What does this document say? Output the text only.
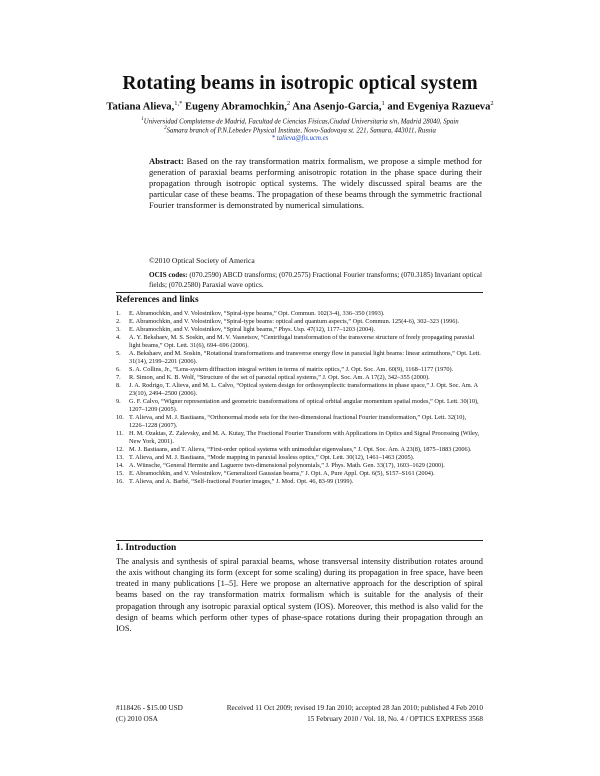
Rotating beams in isotropic optical system
Tatiana Alieva,$^{1,*}$ Eugeny Abramochkin,$^2$ Ana Asenjo-Garcia,$^1$ and Evgeniya Razueva$^2$
$^1$Universidad Complutense de Madrid, Facultad de Ciencias Físicas,Ciudad Universitaria s/n, Madrid 28040, Spain
$^2$Samara branch of P.N.Lebedev Physical Institute, Novo-Sadovaya st. 221, Samara, 443011, Russia
* talieva@fis.ucm.es
Abstract: Based on the ray transformation matrix formalism, we propose a simple method for generation of paraxial beams performing anisotropic rotation in the phase space during their propagation through isotropic optical systems. The widely discussed spiral beams are the particular case of these beams. The propagation of these beams through the symmetric fractional Fourier transformer is demonstrated by numerical simulations.
©2010 Optical Society of America
OCIS codes: (070.2590) ABCD transforms; (070.2575) Fractional Fourier transforms; (070.3185) Invariant optical fields; (070.2580) Paraxial wave optics.
References and links
1.	E. Abramochkin, and V. Volostnikov, “Spiral-type beams,” Opt. Commun. 102(3-4), 336–350 (1993).
2.	E. Abramochkin, and V. Volostnikov, “Spiral-type beams: optical and quantum aspects,” Opt. Commun. 125(4-6), 302–323 (1996).
3.	E. Abramochkin, and V. Volostnikov, “Spiral light beams,” Phys. Usp. 47(12), 1177–1203 (2004).
4.	A. Y. Bekshaev, M. S. Soskin, and M. V. Vasnetsov, “Centrifugal transformation of the transverse structure of freely propagating paraxial light beams,” Opt. Lett. 31(6), 694–696 (2006).
5.	A. Bekshaev, and M. Soskin, “Rotational transformations and transverse energy flow in paraxial light beams: linear azimuthons,” Opt. Lett. 31(14), 2199–2201 (2006).
6.	S. A. Collins, Jr., “Lens-system diffraction integral written in terms of matrix optics,” J. Opt. Soc. Am. 60(9), 1168–1177 (1970).
7.	R. Simon, and K. B. Wolf, “Structure of the set of paraxial optical systems,” J. Opt. Soc. Am. A 17(2), 342–355 (2000).
8.	J. A. Rodrigo, T. Alieva, and M. L. Calvo, “Optical system design for orthosymplectic transformations in phase space,” J. Opt. Soc. Am. A 23(10), 2494–2500 (2006).
9.	G. F. Calvo, “Wigner representation and geometric transformations of optical orbital angular momentum spatial modes,” Opt. Lett. 30(10), 1207–1209 (2005).
10. T. Alieva, and M. J. Bastiaans, “Orthonormal mode sets for the two-dimensional fractional Fourier transformation,” Opt. Lett. 32(10), 1226–1228 (2007).
11. H. M. Ozaktas, Z. Zalevsky, and M. A. Kutay, The Fractional Fourier Transform with Applications in Optics and Signal Processing (Wiley, New York, 2001).
12. M. J. Bastiaans, and T. Alieva, “First-order optical systems with unimodular eigenvalues,” J. Opt. Soc. Am. A 23(8), 1875–1883 (2006).
13. T. Alieva, and M. J. Bastiaans, “Mode mapping in paraxial lossless optics,” Opt. Lett. 30(12), 1461–1463 (2005).
14. A. Wünsche, “General Hermite and Laguerre two-dimensional polynomials,” J. Phys. Math. Gen. 33(17), 1603–1629 (2000).
15. E. Abramochkin, and V. Volostnikov, “Generalized Gaussian beams,” J. Opt. A, Pure Appl. Opt. 6(5), S157–S161 (2004).
16. T. Alieva, and A. Barbé, “Self-fractional Fourier images,” J. Mod. Opt. 46, 83-99 (1999).
1. Introduction
The analysis and synthesis of spiral paraxial beams, whose transversal intensity distribution rotates around the axis without changing its form (except for some scaling) during its propagation in free space, have been treated in many publications [1–5]. Here we propose an alternative approach for the description of spiral beams based on the ray transformation matrix formalism which is suitable for the analysis of their propagation through any isotropic paraxial optical system (IOS). Moreover, this method is also valid for the design of beams which perform other types of phase-space rotations during their propagation through an IOS.
#118426 - $15.00 USD
(C) 2010 OSA
Received 11 Oct 2009; revised 19 Jan 2010; accepted 28 Jan 2010; published 4 Feb 2010
15 February 2010 / Vol. 18, No. 4 / OPTICS EXPRESS 3568
